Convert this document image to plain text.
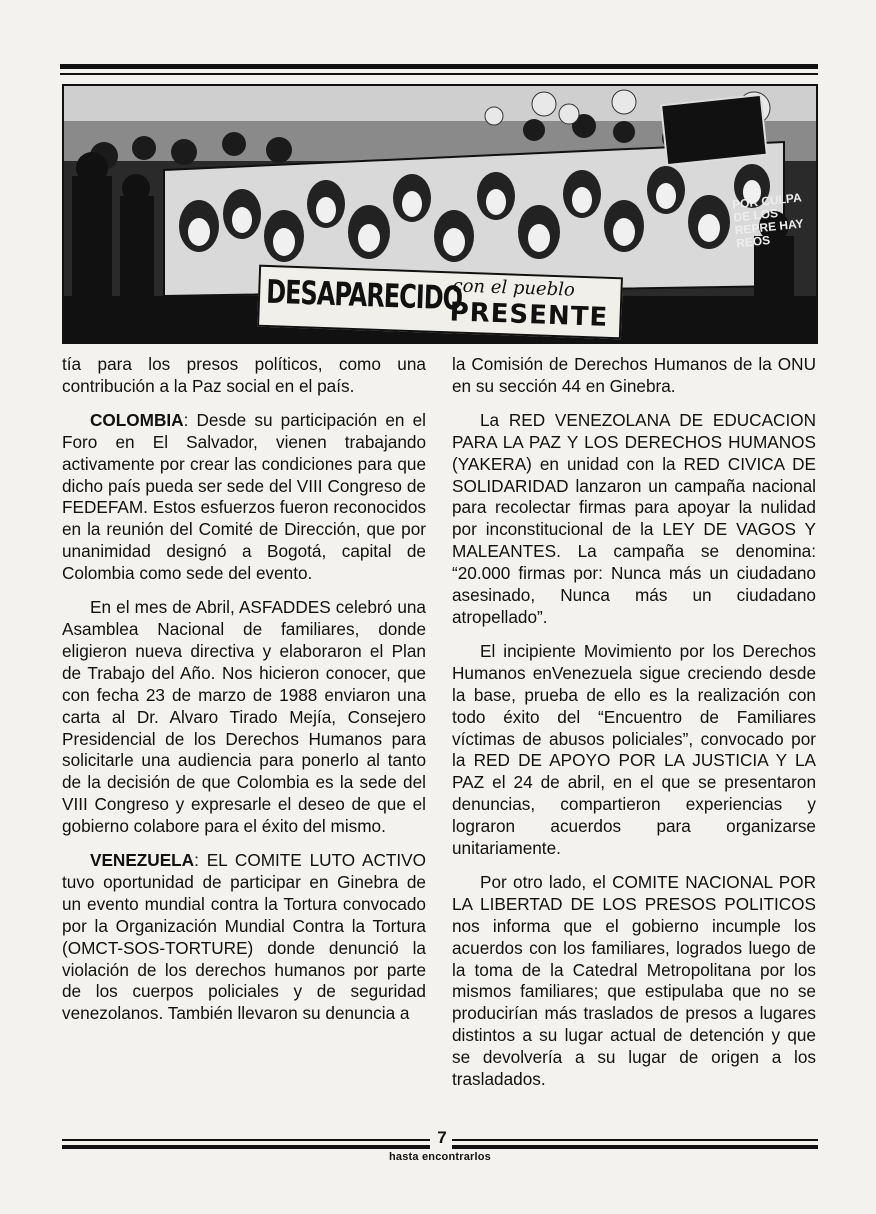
POR CULPA DE LOS REPRE HAY REOS
DESAPARECIDO
con el pueblo
PRESENTE

tía para los presos políticos, como una contribución a la Paz social en el país.

COLOMBIA: Desde su participación en el Foro en El Salvador, vienen trabajando activamente por crear las condiciones para que dicho país pueda ser sede del VIII Congreso de FEDEFAM. Estos esfuerzos fueron reconocidos en la reunión del Comité de Dirección, que por unanimidad designó a Bogotá, capital de Colombia como sede del evento.

En el mes de Abril, ASFADDES celebró una Asamblea Nacional de familiares, donde eligieron nueva directiva y elaboraron el Plan de Trabajo del Año. Nos hicieron conocer, que con fecha 23 de marzo de 1988 enviaron una carta al Dr. Alvaro Tirado Mejía, Consejero Presidencial de los Derechos Humanos para solicitarle una audiencia para ponerlo al tanto de la decisión de que Colombia es la sede del VIII Congreso y expresarle el deseo de que el gobierno colabore para el éxito del mismo.

VENEZUELA: EL COMITE LUTO ACTIVO tuvo oportunidad de participar en Ginebra de un evento mundial contra la Tortura convocado por la Organización Mundial Contra la Tortura (OMCT-SOS-TORTURE) donde denunció la violación de los derechos humanos por parte de los cuerpos policiales y de seguridad venezolanos. También llevaron su denuncia a

la Comisión de Derechos Humanos de la ONU en su sección 44 en Ginebra.

La RED VENEZOLANA DE EDUCACION PARA LA PAZ Y LOS DERECHOS HUMANOS (YAKERA) en unidad con la RED CIVICA DE SOLIDARIDAD lanzaron un campaña nacional para recolectar firmas para apoyar la nulidad por inconstitucional de la LEY DE VAGOS Y MALEANTES. La campaña se denomina: “20.000 firmas por: Nunca más un ciudadano asesinado, Nunca más un ciudadano atropellado”.

El incipiente Movimiento por los Derechos Humanos enVenezuela sigue creciendo desde la base, prueba de ello es la realización con todo éxito del “Encuentro de Familiares víctimas de abusos policiales”, convocado por la RED DE APOYO POR LA JUSTICIA Y LA PAZ el 24 de abril, en el que se presentaron denuncias, compartieron experiencias y lograron acuerdos para organizarse unitariamente.

Por otro lado, el COMITE NACIONAL POR LA LIBERTAD DE LOS PRESOS POLITICOS nos informa que el gobierno incumple los acuerdos con los familiares, logrados luego de la toma de la Catedral Metropolitana por los mismos familiares; que estipulaba que no se producirían más traslados de presos a lugares distintos a su lugar actual de detención y que se devolvería a su lugar de origen a los trasladados.

7
hasta encontrarlos
